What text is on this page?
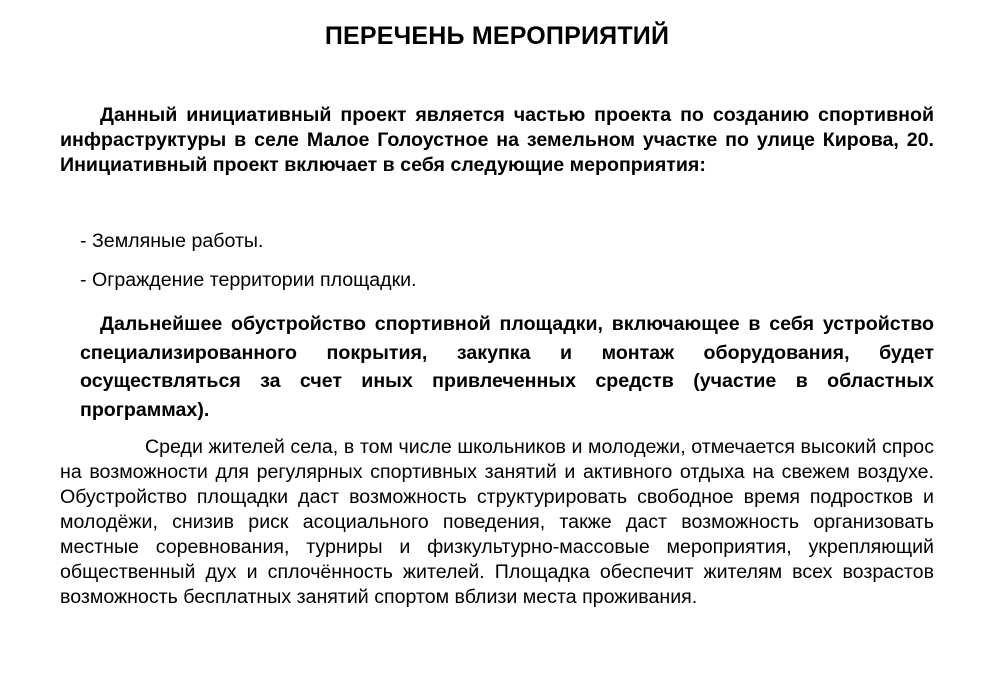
ПЕРЕЧЕНЬ МЕРОПРИЯТИЙ

Данный инициативный проект является частью проекта по созданию спортивной инфраструктуры в селе Малое Голоустное на земельном участке по улице Кирова, 20. Инициативный проект включает в себя следующие мероприятия:

- Земляные работы.

- Ограждение территории площадки.

Дальнейшее обустройство спортивной площадки, включающее в себя устройство специализированного покрытия, закупка и монтаж оборудования, будет осуществляться за счет иных привлеченных средств (участие в областных программах).

Среди жителей села, в том числе школьников и молодежи, отмечается высокий спрос на возможности для регулярных спортивных занятий и активного отдыха на свежем воздухе. Обустройство площадки даст возможность структурировать свободное время подростков и молодёжи, снизив риск асоциального поведения, также даст возможность организовать местные соревнования, турниры и физкультурно-массовые мероприятия, укрепляющий общественный дух и сплочённость жителей. Площадка обеспечит жителям всех возрастов возможность бесплатных занятий спортом вблизи места проживания.
